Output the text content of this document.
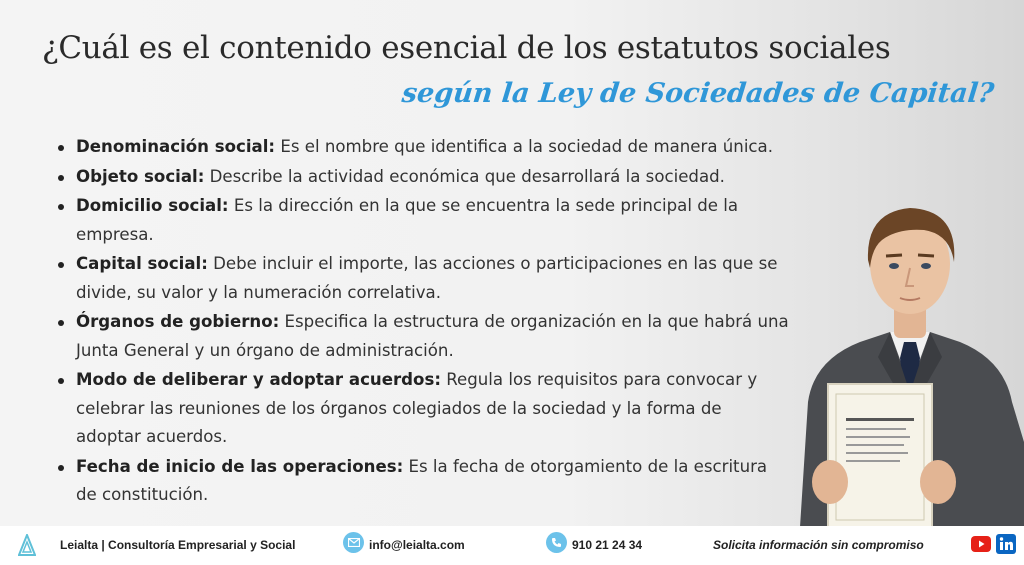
¿Cuál es el contenido esencial de los estatutos sociales
según la Ley de Sociedades de Capital?
Denominación social: Es el nombre que identifica a la sociedad de manera única.
Objeto social: Describe la actividad económica que desarrollará la sociedad.
Domicilio social: Es la dirección en la que se encuentra la sede principal de la empresa.
Capital social: Debe incluir el importe, las acciones o participaciones en las que se divide, su valor y la numeración correlativa.
Órganos de gobierno: Especifica la estructura de organización en la que habrá una Junta General y un órgano de administración.
Modo de deliberar y adoptar acuerdos: Regula los requisitos para convocar y celebrar las reuniones de los órganos colegiados de la sociedad y la forma de adoptar acuerdos.
Fecha de inicio de las operaciones: Es la fecha de otorgamiento de la escritura de constitución.
Leialta | Consultoría Empresarial y Social	info@leialta.com	910 21 24 34	Solicita información sin compromiso
